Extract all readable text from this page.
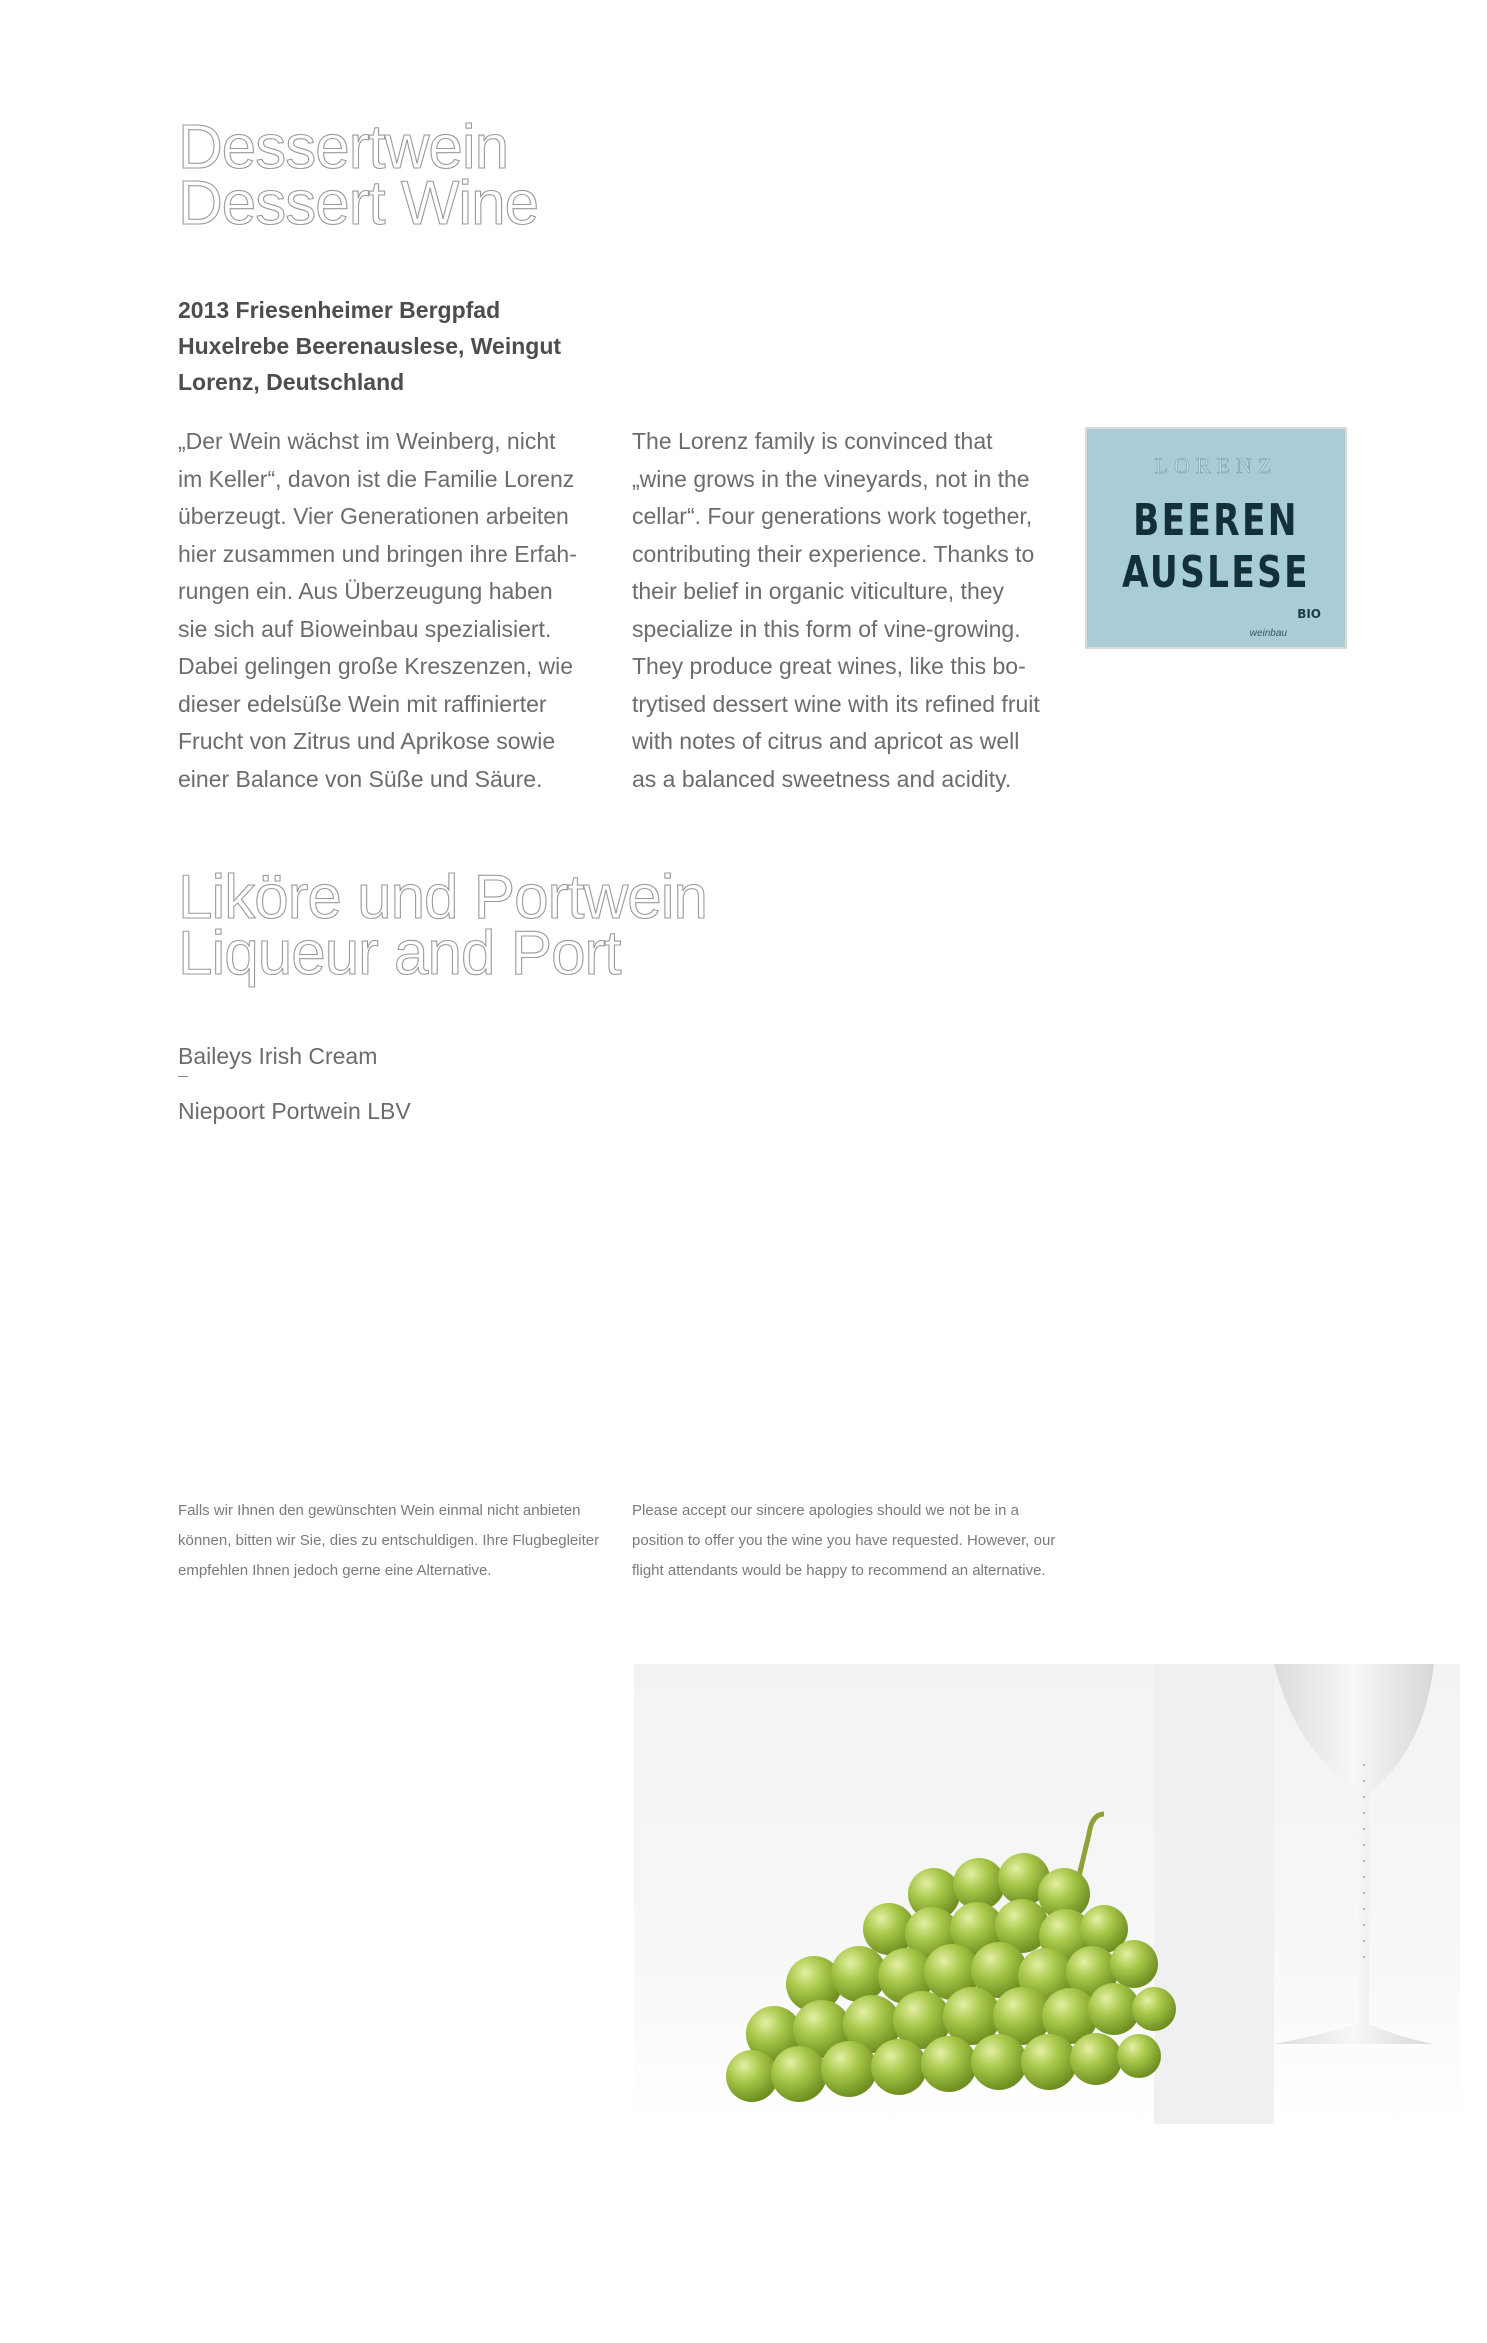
Dessertwein
Dessert Wine
2013 Friesenheimer Bergpfad Huxelrebe Beerenauslese, Weingut Lorenz, Deutschland
„Der Wein wächst im Weinberg, nicht
im Keller“, davon ist die Familie Lorenz
überzeugt. Vier Generationen arbeiten
hier zusammen und bringen ihre Erfah-
rungen ein. Aus Überzeugung haben
sie sich auf Bioweinbau spezialisiert.
Dabei gelingen große Kreszenzen, wie
dieser edelsüße Wein mit raffinierter
Frucht von Zitrus und Aprikose sowie
einer Balance von Süße und Säure.
The Lorenz family is convinced that
„wine grows in the vineyards, not in the
cellar“. Four generations work together,
contributing their experience. Thanks to
their belief in organic viticulture, they
specialize in this form of vine-growing.
They produce great wines, like this bo-
trytised dessert wine with its refined fruit
with notes of citrus and apricot as well
as a balanced sweetness and acidity.
LORENZ
BEEREN
AUSLESE
BIO
weinbau
Liköre und Portwein
Liqueur and Port
Baileys Irish Cream
Niepoort Portwein LBV
Falls wir Ihnen den gewünschten Wein einmal nicht anbieten können, bitten wir Sie, dies zu entschuldigen. Ihre Flugbegleiter empfehlen Ihnen jedoch gerne eine Alternative.
Please accept our sincere apologies should we not be in a position to offer you the wine you have requested. However, our flight attendants would be happy to recommend an alternative.
